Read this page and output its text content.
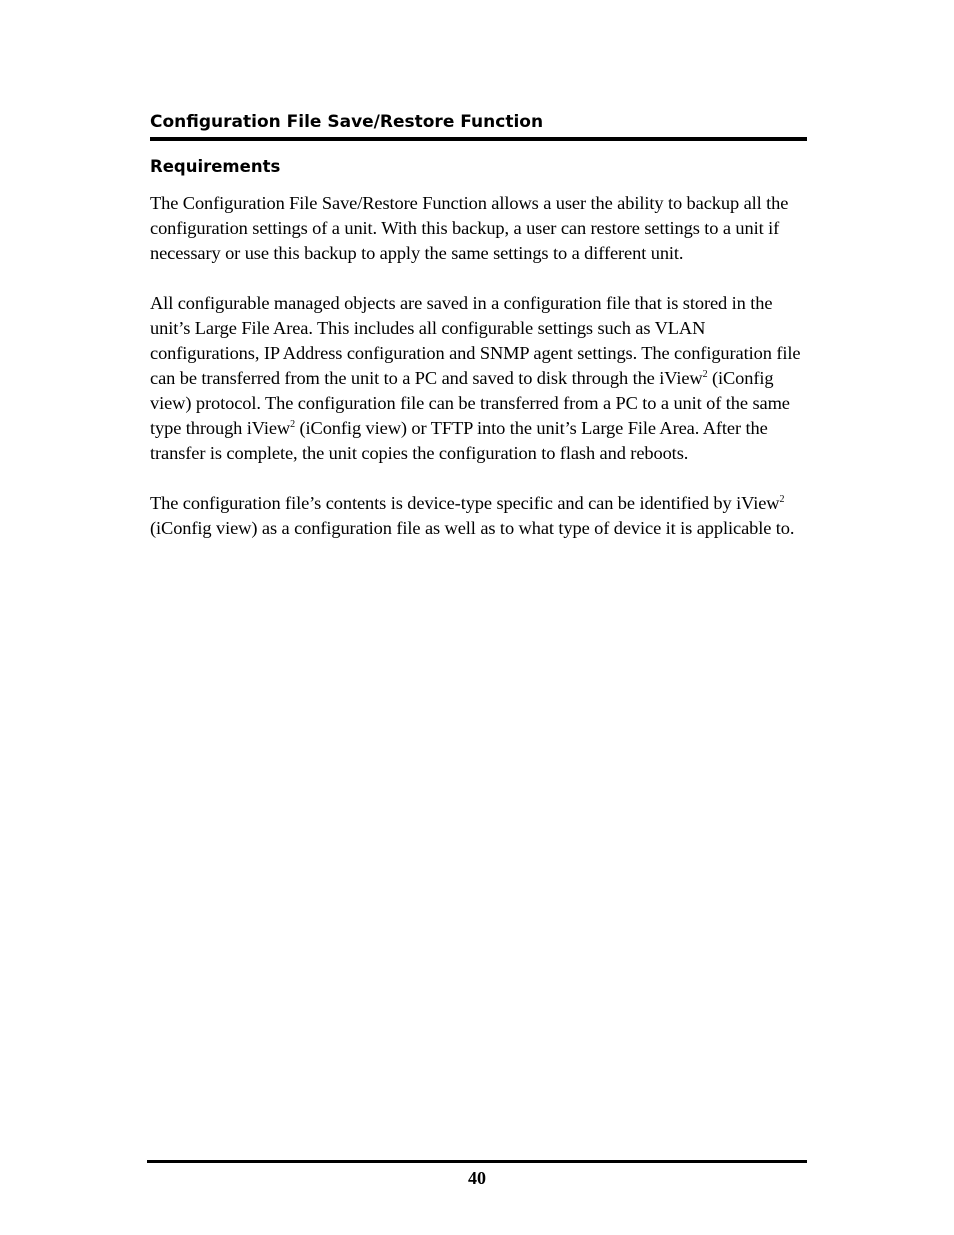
Configuration File Save/Restore Function
Requirements

The Configuration File Save/Restore Function allows a user the ability to backup all the configuration settings of a unit. With this backup, a user can restore settings to a unit if necessary or use this backup to apply the same settings to a different unit.

All configurable managed objects are saved in a configuration file that is stored in the unit’s Large File Area. This includes all configurable settings such as VLAN configurations, IP Address configuration and SNMP agent settings. The configuration file can be transferred from the unit to a PC and saved to disk through the iView$^2$ (iConfig view) protocol. The configuration file can be transferred from a PC to a unit of the same type through iView$^2$ (iConfig view) or TFTP into the unit’s Large File Area. After the transfer is complete, the unit copies the configuration to flash and reboots.

The configuration file’s contents is device-type specific and can be identified by iView$^2$ (iConfig view) as a configuration file as well as to what type of device it is applicable to.

40
